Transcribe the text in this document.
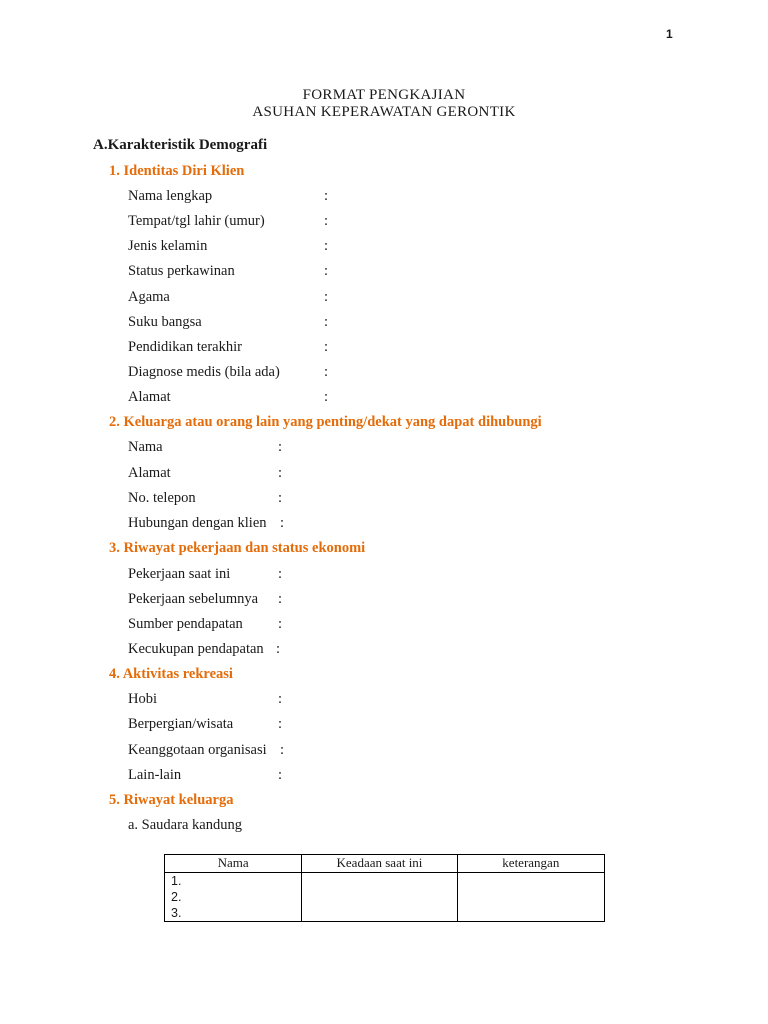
1
FORMAT PENGKAJIAN
ASUHAN KEPERAWATAN GERONTIK
A.Karakteristik Demografi
1. Identitas Diri Klien
Nama lengkap	:
Tempat/tgl lahir (umur)	:
Jenis kelamin	:
Status perkawinan	:
Agama	:
Suku bangsa	:
Pendidikan terakhir	:
Diagnose medis (bila ada)	:
Alamat	:
2. Keluarga atau orang lain yang penting/dekat yang dapat dihubungi
Nama	:
Alamat	:
No. telepon	:
Hubungan dengan klien :
3. Riwayat pekerjaan dan status ekonomi
Pekerjaan saat ini	:
Pekerjaan sebelumnya :
Sumber pendapatan :
Kecukupan pendapatan :
4. Aktivitas rekreasi
Hobi	:
Berpergian/wisata	:
Keanggotaan organisasi :
Lain-lain	:
5. Riwayat keluarga
a. Saudara kandung
Nama	Keadaan saat ini	keterangan

1.
2.
3.		
